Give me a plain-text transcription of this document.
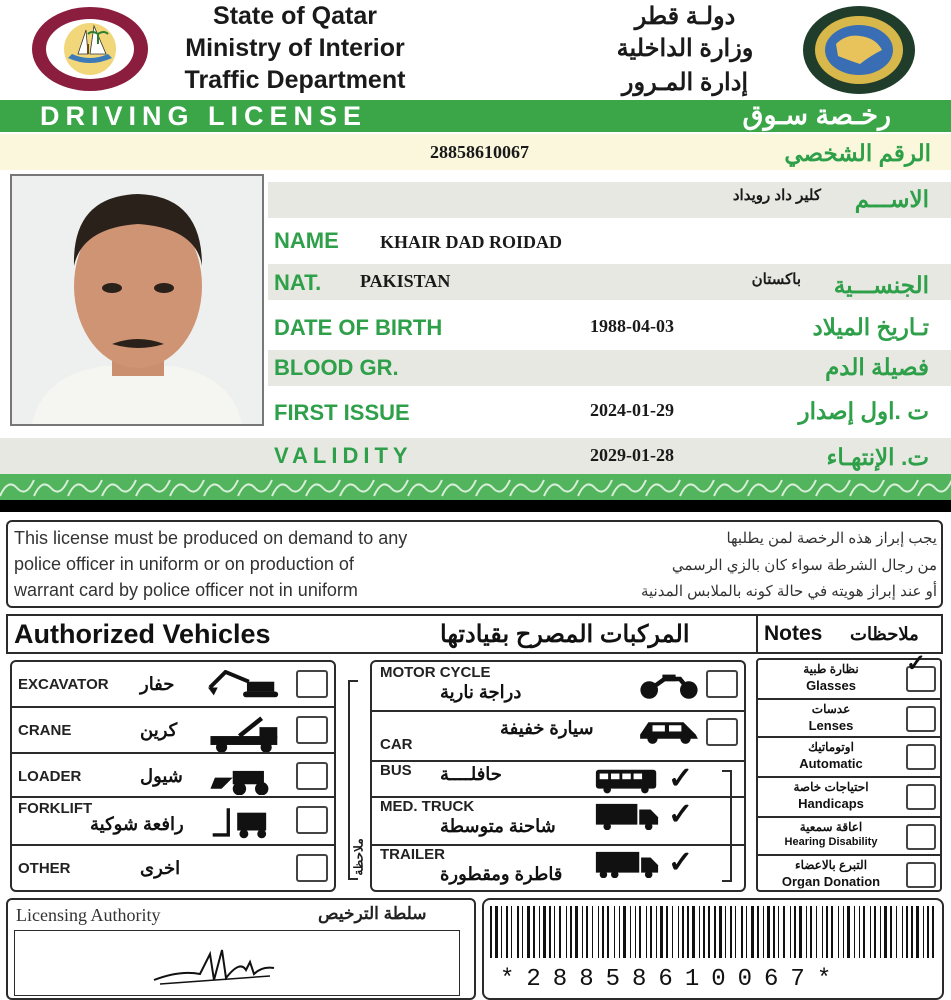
State of Qatar
Ministry of Interior
Traffic Department
دولـة قطر
وزارة الداخلية
إدارة المـرور
DRIVING LICENSE	رخـصة سـوق
28858610067	الرقم الشخصي
كلير داد رويداد الاســـم
NAME KHAIR DAD ROIDAD
NAT. PAKISTAN	باكستان الجنســـية
DATE OF BIRTH	1988-04-03	تـاريخ الميلاد
BLOOD GR.	فصيلة الدم
FIRST ISSUE	2024-01-29	ت .اول إصدار
VALIDITY	2029-01-28	ت. الإنتهـاء
This license must be produced on demand to any
police officer in uniform or on production of
warrant card by police officer not in uniform
يجب إبراز هذه الرخصة لمن يطلبها
من رجال الشرطة سواء كان بالزي الرسمي
أو عند إبراز هويته في حالة كونه بالملابس المدنية
Authorized Vehicles	المركبات المصرح بقيادتها	Notes ملاحظات
ملاحظة
EXCAVATOR حفار
CRANE	كرين
LOADER	شيول
FORKLIFT
رافعة شوكية
OTHER	اخرى
MOTOR CYCLE
دراجة نارية
CAR
سيارة خفيفة
BUS حافلــــة	✓
MED. TRUCK
شاحنة متوسطة	✓
TRAILER
قاطرة ومقطورة	✓
نظارة طبية
Glasses
✓
عدسات
Lenses
اوتوماتيك
Automatic
احتياجات خاصة
Handicaps
اعاقة سمعية
Hearing Disability
التبرع بالاعضاء
Organ Donation
Licensing Authority	سلطة الترخيص
*28858610067*
